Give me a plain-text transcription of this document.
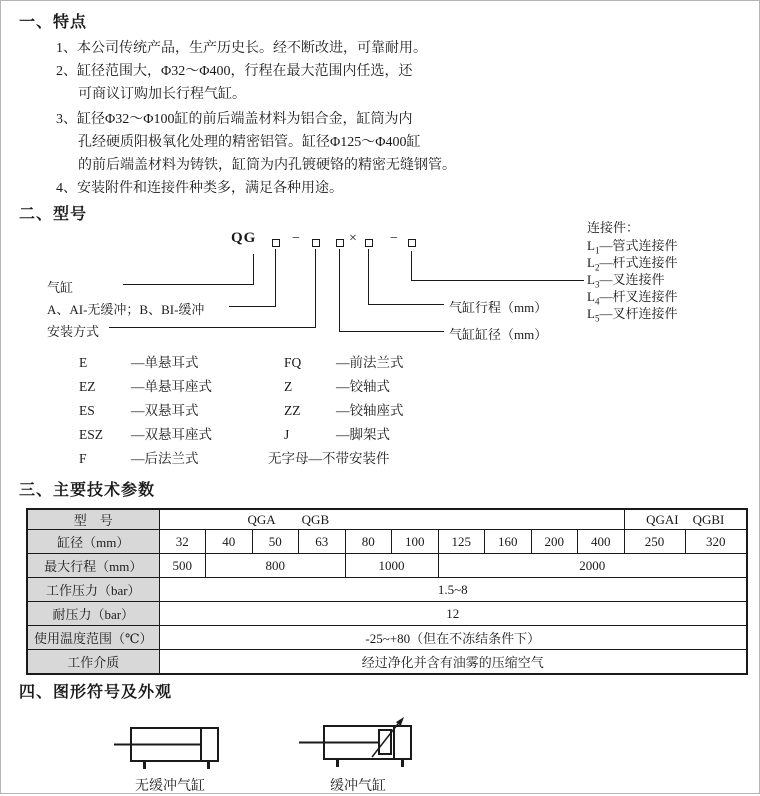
一、特点
1、本公司传统产品，生产历史长。经不断改进，可靠耐用。
2、缸径范围大，Φ32～Φ400，行程在最大范围内任选，还
可商议订购加长行程气缸。
3、缸径Φ32～Φ100缸的前后端盖材料为铝合金，缸筒为内
孔经硬质阳极氧化处理的精密铝管。缸径Φ125～Φ400缸
的前后端盖材料为铸铁，缸筒为内孔镀硬铬的精密无缝钢管。
4、安装附件和连接件种类多，满足各种用途。
二、型号
QG	−	× −
气缸
A、AI-无缓冲；B、BI-缓冲
安装方式
气缸行程（mm）
气缸缸径（mm）
连接件：
$L_1—$管式连接件
$L_2—$杆式连接件
$L_3—$叉连接件
$L_4—$杆叉连接件
$L_5—$叉杆连接件
E	—单悬耳式
EZ	—单悬耳座式
ES	—双悬耳式
ESZ —双悬耳座式
F	—后法兰式
FQ	—前法兰式
Z	—铰轴式
ZZ	—铰轴座式
J	—脚架式
无字母—不带安装件
三、主要技术参数
型　号	QGA QGB										QGAI QGBI	

缸径（mm）	32	40	50	63	80	100	125	160	200	400	250	320
最大行程（mm）	500	800			1000		2000					
工作压力（bar）	1.5~8											
耐压力（bar）	12											
使用温度范围（℃）	-25~+80（但在不冻结条件下）											
工作介质	经过净化并含有油雾的压缩空气											
四、图形符号及外观
无缓冲气缸	缓冲气缸
